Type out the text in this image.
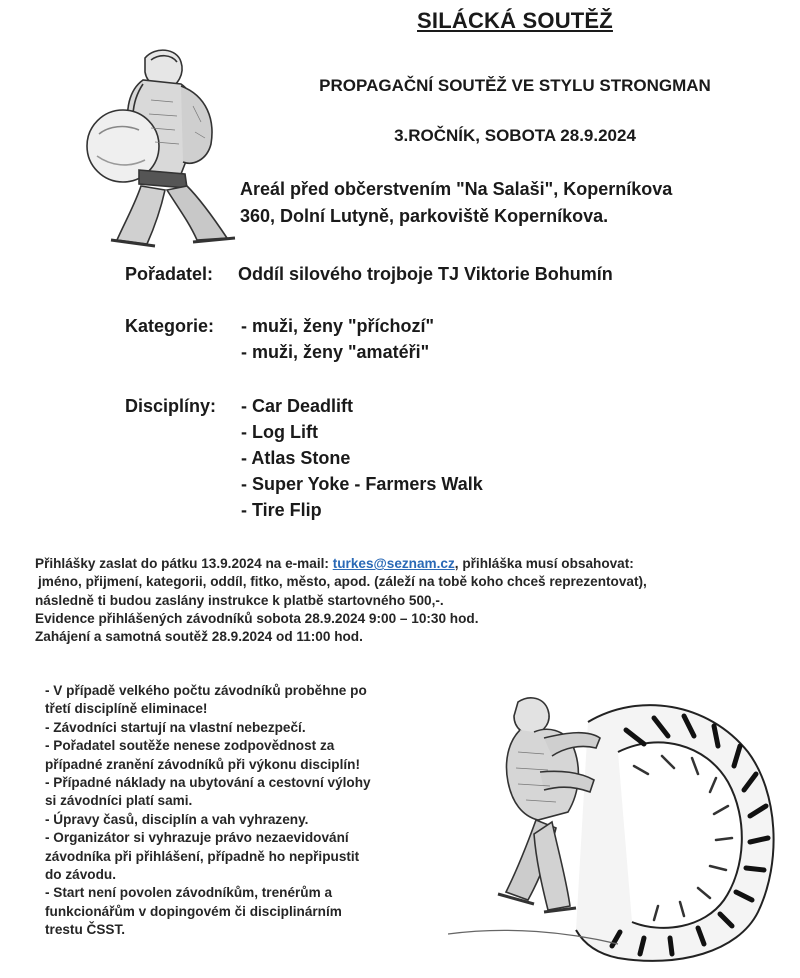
SILÁCKÁ SOUTĚŽ
PROPAGAČNÍ SOUTĚŽ VE STYLU STRONGMAN
3.ROČNÍK, SOBOTA 28.9.2024
Areál před občerstvením "Na Salaši", Koperníkova
360, Dolní Lutyně, parkoviště Koperníkova.
Pořadatel: Oddíl silového trojboje TJ Viktorie Bohumín
Kategorie: - muži, ženy "příchozí"
- muži, ženy "amatéři"
Disciplíny: - Car Deadlift
- Log Lift
- Atlas Stone
- Super Yoke - Farmers Walk
- Tire Flip
Přihlášky zaslat do pátku 13.9.2024 na e-mail: turkes@seznam.cz, přihláška musí obsahovat:
jméno, přijmení, kategorii, oddíl, fitko, město, apod. (záleží na tobě koho chceš reprezentovat),
následně ti budou zaslány instrukce k platbě startovného 500,-.
Evidence přihlášených závodníků sobota 28.9.2024 9:00 – 10:30 hod.
Zahájení a samotná soutěž 28.9.2024 od 11:00 hod.
- V případě velkého počtu závodníků proběhne po
třetí disciplíně eliminace!
- Závodníci startují na vlastní nebezpečí.
- Pořadatel soutěže nenese zodpovědnost za
případné zranění závodníků při výkonu disciplín!
- Případné náklady na ubytování a cestovní výlohy
si závodníci platí sami.
- Úpravy časů, disciplín a vah vyhrazeny.
- Organizátor si vyhrazuje právo nezaevidování
závodníka při přihlášení, případně ho nepřipustit
do závodu.
- Start není povolen závodníkům, trenérům a
funkcionářům v dopingovém či disciplinárním
trestu ČSST.
